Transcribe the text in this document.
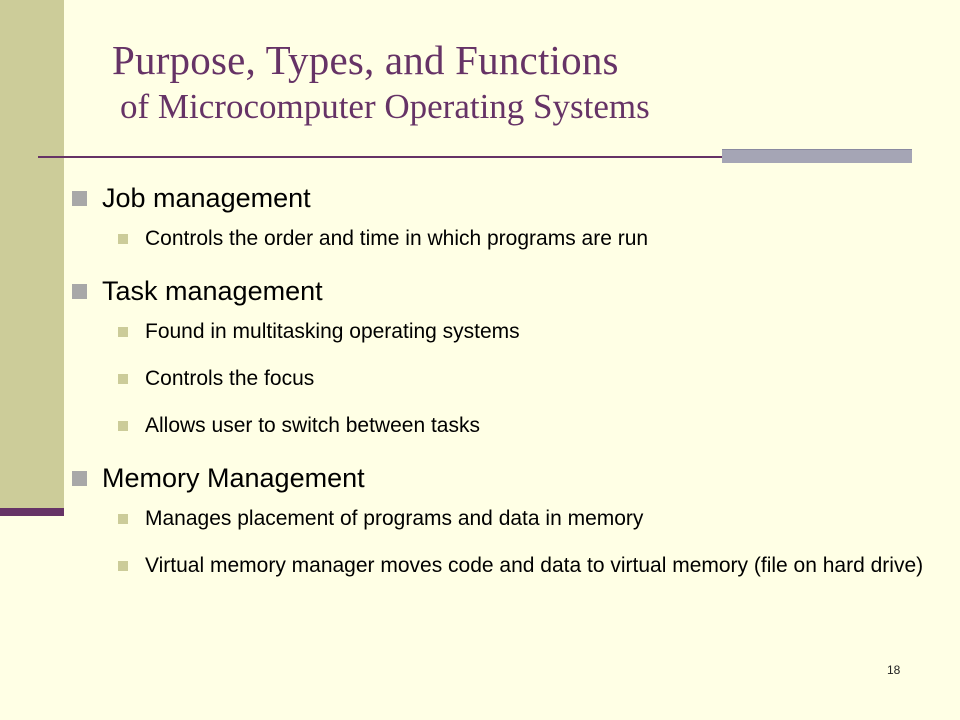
Purpose, Types, and Functions
of Microcomputer Operating Systems
Job management
Controls the order and time in which programs are run
Task management
Found in multitasking operating systems
Controls the focus
Allows user to switch between tasks
Memory Management
Manages placement of programs and data in memory
Virtual memory manager moves code and data to virtual memory (file on hard drive)
18
